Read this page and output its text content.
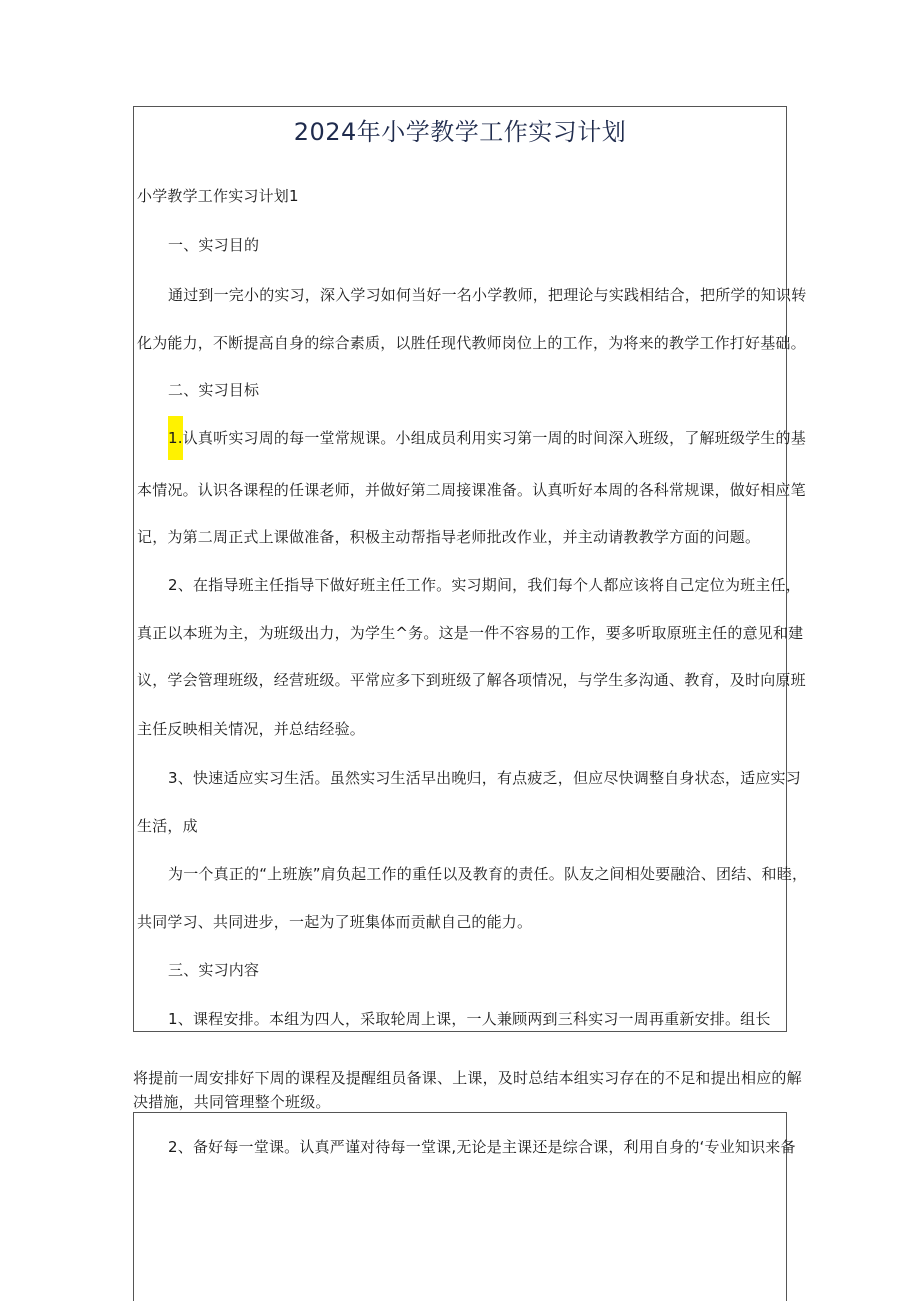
2024年小学教学工作实习计划
小学教学工作实习计划1
一、实习目的
通过到一完小的实习，深入学习如何当好一名小学教师，把理论与实践相结合，把所学的知识转
化为能力，不断提高自身的综合素质，以胜任现代教师岗位上的工作，为将来的教学工作打好基础。
二、实习目标
1.认真听实习周的每一堂常规课。小组成员利用实习第一周的时间深入班级，了解班级学生的基
本情况。认识各课程的任课老师，并做好第二周接课准备。认真听好本周的各科常规课，做好相应笔
记，为第二周正式上课做准备，积极主动帮指导老师批改作业，并主动请教教学方面的问题。
2、在指导班主任指导下做好班主任工作。实习期间，我们每个人都应该将自己定位为班主任，
真正以本班为主，为班级出力，为学生^务。这是一件不容易的工作，要多听取原班主任的意见和建
议，学会管理班级，经营班级。平常应多下到班级了解各项情况，与学生多沟通、教育，及时向原班
主任反映相关情况，并总结经验。
3、快速适应实习生活。虽然实习生活早出晚归，有点疲乏，但应尽快调整自身状态，适应实习
生活，成
为一个真正的“上班族”肩负起工作的重任以及教育的责任。队友之间相处要融洽、团结、和睦，
共同学习、共同进步，一起为了班集体而贡献自己的能力。
三、实习内容
1、课程安排。本组为四人，采取轮周上课，一人兼顾两到三科实习一周再重新安排。组长
将提前一周安排好下周的课程及提醒组员备课、上课，及时总结本组实习存在的不足和提出相应的解
决措施，共同管理整个班级。
2、备好每一堂课。认真严谨对待每一堂课,无论是主课还是综合课，利用自身的‘专业知识来备
